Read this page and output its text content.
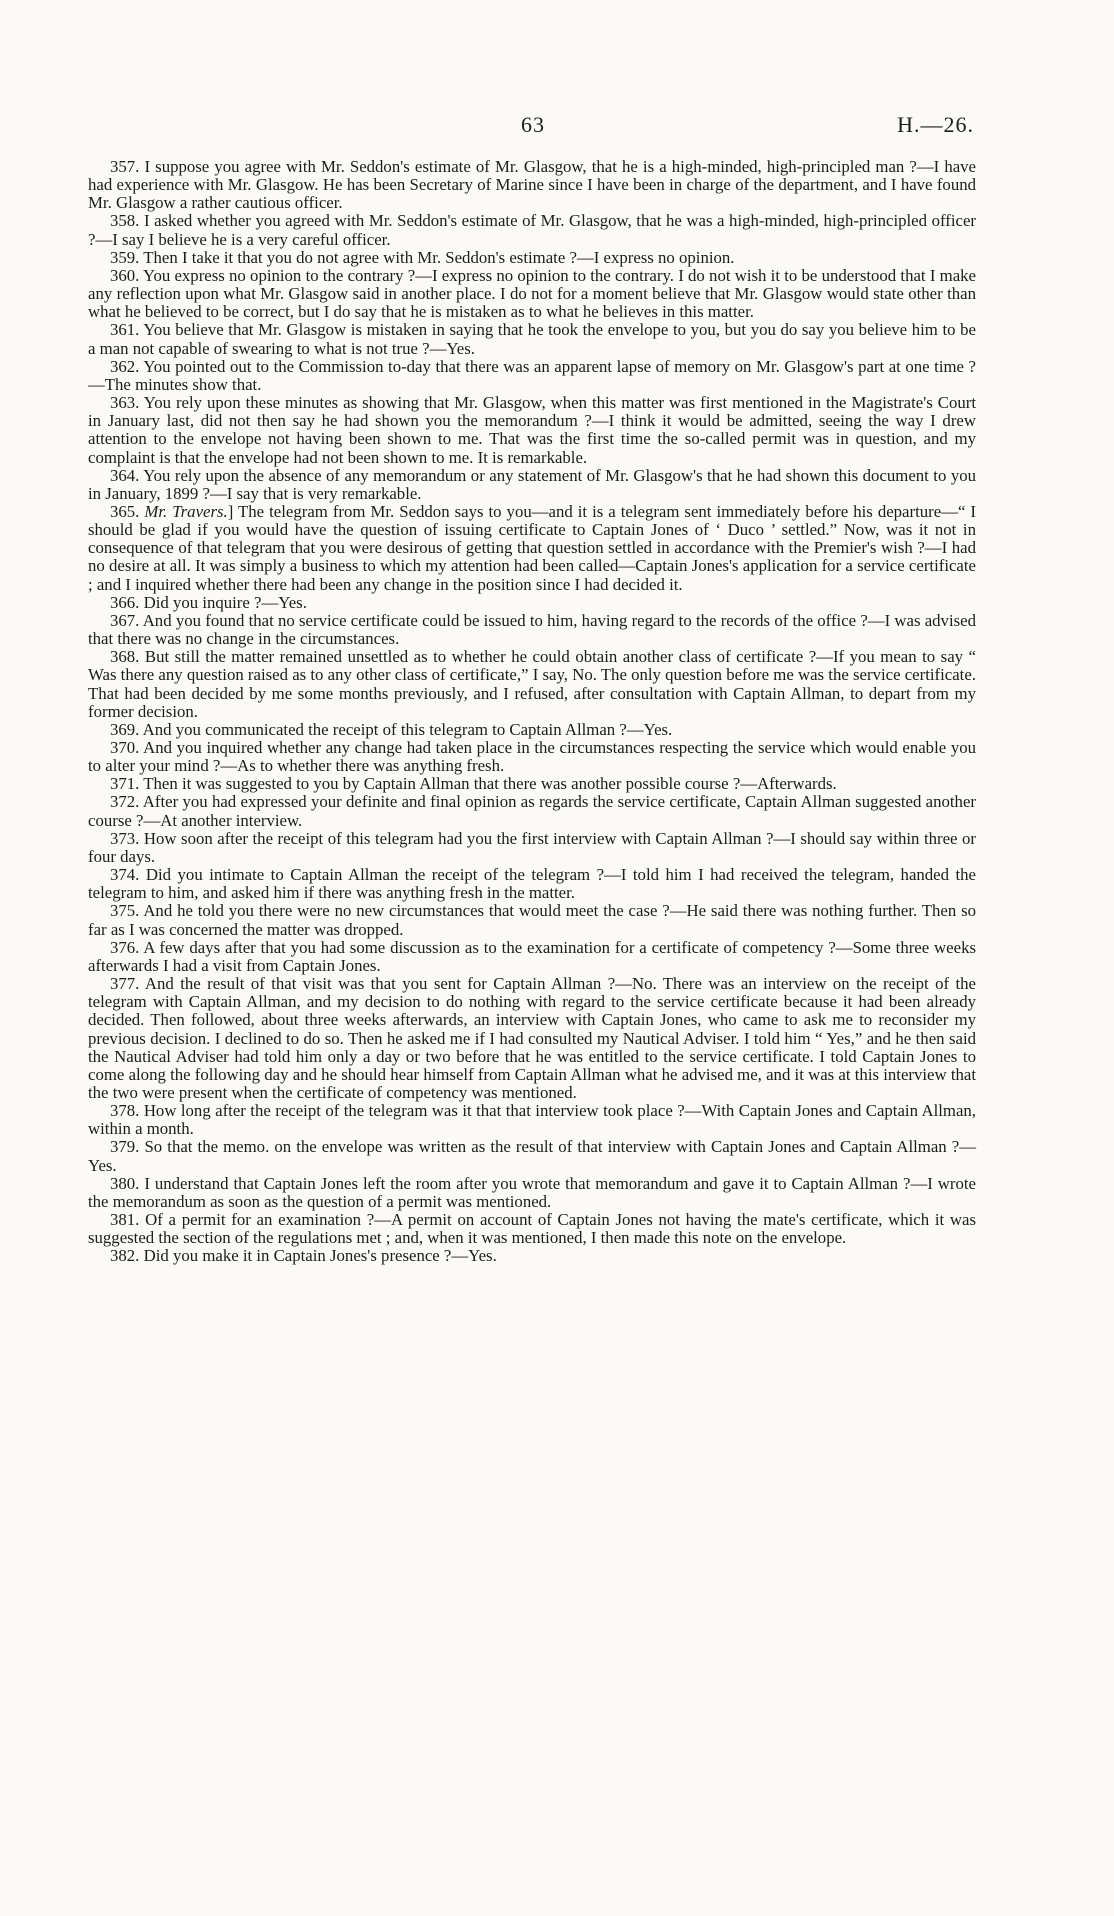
63	H.—26.

357. I suppose you agree with Mr. Seddon's estimate of Mr. Glasgow, that he is a high-minded, high-principled man ?—I have had experience with Mr. Glasgow. He has been Secretary of Marine since I have been in charge of the department, and I have found Mr. Glasgow a rather cautious officer.

358. I asked whether you agreed with Mr. Seddon's estimate of Mr. Glasgow, that he was a high-minded, high-principled officer ?—I say I believe he is a very careful officer.

359. Then I take it that you do not agree with Mr. Seddon's estimate ?—I express no opinion.

360. You express no opinion to the contrary ?—I express no opinion to the contrary. I do not wish it to be understood that I make any reflection upon what Mr. Glasgow said in another place. I do not for a moment believe that Mr. Glasgow would state other than what he believed to be correct, but I do say that he is mistaken as to what he believes in this matter.

361. You believe that Mr. Glasgow is mistaken in saying that he took the envelope to you, but you do say you believe him to be a man not capable of swearing to what is not true ?—Yes.

362. You pointed out to the Commission to-day that there was an apparent lapse of memory on Mr. Glasgow's part at one time ?—The minutes show that.

363. You rely upon these minutes as showing that Mr. Glasgow, when this matter was first mentioned in the Magistrate's Court in January last, did not then say he had shown you the memorandum ?—I think it would be admitted, seeing the way I drew attention to the envelope not having been shown to me. That was the first time the so-called permit was in question, and my complaint is that the envelope had not been shown to me. It is remarkable.

364. You rely upon the absence of any memorandum or any statement of Mr. Glasgow's that he had shown this document to you in January, 1899 ?—I say that is very remarkable.

365. Mr. Travers.] The telegram from Mr. Seddon says to you—and it is a telegram sent immediately before his departure—“ I should be glad if you would have the question of issuing certificate to Captain Jones of ‘ Duco ’ settled.” Now, was it not in consequence of that telegram that you were desirous of getting that question settled in accordance with the Premier's wish ?—I had no desire at all. It was simply a business to which my attention had been called—Captain Jones's application for a service certificate ; and I inquired whether there had been any change in the position since I had decided it.

366. Did you inquire ?—Yes.

367. And you found that no service certificate could be issued to him, having regard to the records of the office ?—I was advised that there was no change in the circumstances.

368. But still the matter remained unsettled as to whether he could obtain another class of certificate ?—If you mean to say “ Was there any question raised as to any other class of certificate,” I say, No. The only question before me was the service certificate. That had been decided by me some months previously, and I refused, after consultation with Captain Allman, to depart from my former decision.

369. And you communicated the receipt of this telegram to Captain Allman ?—Yes.

370. And you inquired whether any change had taken place in the circumstances respecting the service which would enable you to alter your mind ?—As to whether there was anything fresh.

371. Then it was suggested to you by Captain Allman that there was another possible course ?—Afterwards.

372. After you had expressed your definite and final opinion as regards the service certificate, Captain Allman suggested another course ?—At another interview.

373. How soon after the receipt of this telegram had you the first interview with Captain Allman ?—I should say within three or four days.

374. Did you intimate to Captain Allman the receipt of the telegram ?—I told him I had received the telegram, handed the telegram to him, and asked him if there was anything fresh in the matter.

375. And he told you there were no new circumstances that would meet the case ?—He said there was nothing further. Then so far as I was concerned the matter was dropped.

376. A few days after that you had some discussion as to the examination for a certificate of competency ?—Some three weeks afterwards I had a visit from Captain Jones.

377. And the result of that visit was that you sent for Captain Allman ?—No. There was an interview on the receipt of the telegram with Captain Allman, and my decision to do nothing with regard to the service certificate because it had been already decided. Then followed, about three weeks afterwards, an interview with Captain Jones, who came to ask me to reconsider my previous decision. I declined to do so. Then he asked me if I had consulted my Nautical Adviser. I told him “ Yes,” and he then said the Nautical Adviser had told him only a day or two before that he was entitled to the service certificate. I told Captain Jones to come along the following day and he should hear himself from Captain Allman what he advised me, and it was at this interview that the two were present when the certificate of competency was mentioned.

378. How long after the receipt of the telegram was it that that interview took place ?—With Captain Jones and Captain Allman, within a month.

379. So that the memo. on the envelope was written as the result of that interview with Captain Jones and Captain Allman ?—Yes.

380. I understand that Captain Jones left the room after you wrote that memorandum and gave it to Captain Allman ?—I wrote the memorandum as soon as the question of a permit was mentioned.

381. Of a permit for an examination ?—A permit on account of Captain Jones not having the mate's certificate, which it was suggested the section of the regulations met ; and, when it was mentioned, I then made this note on the envelope.

382. Did you make it in Captain Jones's presence ?—Yes.
